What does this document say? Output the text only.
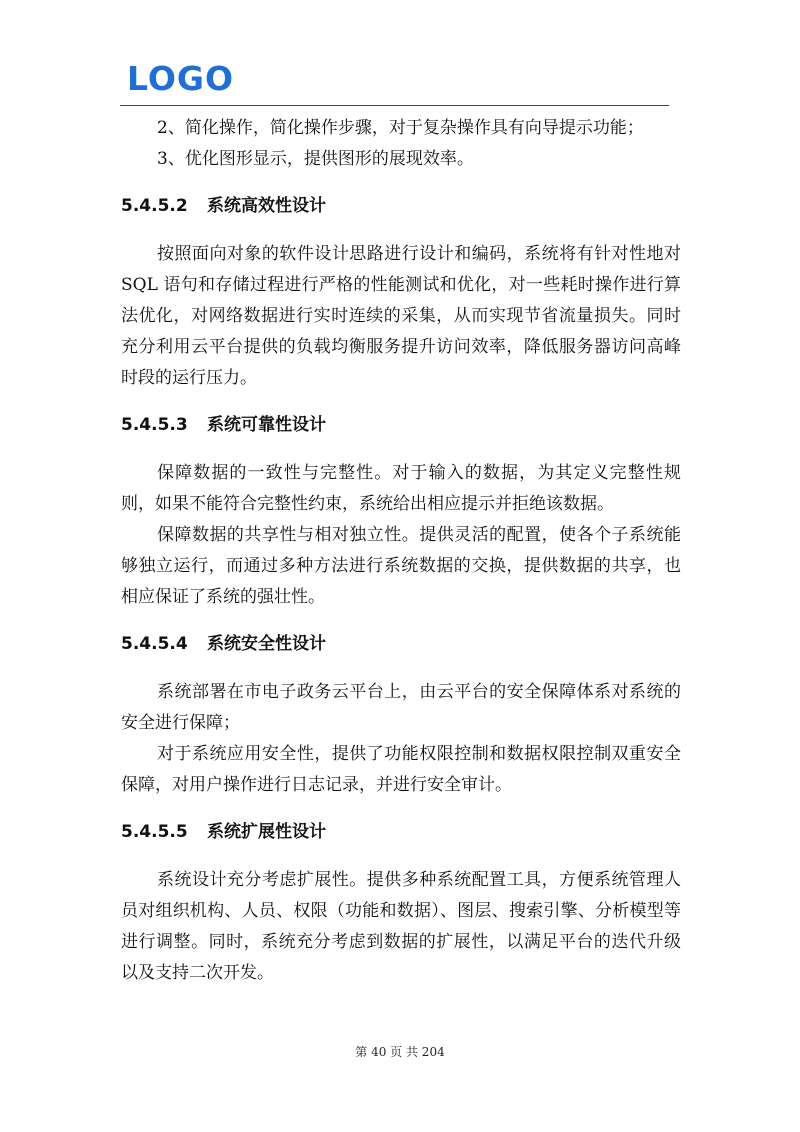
LOGO

2、简化操作，简化操作步骤，对于复杂操作具有向导提示功能；

3、优化图形显示，提供图形的展现效率。

5.4.5.2 系统高效性设计

按照面向对象的软件设计思路进行设计和编码，系统将有针对性地对 SQL 语句和存储过程进行严格的性能测试和优化，对一些耗时操作进行算法优化，对网络数据进行实时连续的采集，从而实现节省流量损失。同时充分利用云平台提供的负载均衡服务提升访问效率，降低服务器访问高峰时段的运行压力。

5.4.5.3 系统可靠性设计

保障数据的一致性与完整性。对于输入的数据，为其定义完整性规则，如果不能符合完整性约束，系统给出相应提示并拒绝该数据。

保障数据的共享性与相对独立性。提供灵活的配置，使各个子系统能够独立运行，而通过多种方法进行系统数据的交换，提供数据的共享，也相应保证了系统的强壮性。

5.4.5.4 系统安全性设计

系统部署在市电子政务云平台上，由云平台的安全保障体系对系统的安全进行保障；

对于系统应用安全性，提供了功能权限控制和数据权限控制双重安全保障，对用户操作进行日志记录，并进行安全审计。

5.4.5.5 系统扩展性设计

系统设计充分考虑扩展性。提供多种系统配置工具，方便系统管理人员对组织机构、人员、权限（功能和数据）、图层、搜索引擎、分析模型等进行调整。同时，系统充分考虑到数据的扩展性，以满足平台的迭代升级以及支持二次开发。

第 40 页 共 204
